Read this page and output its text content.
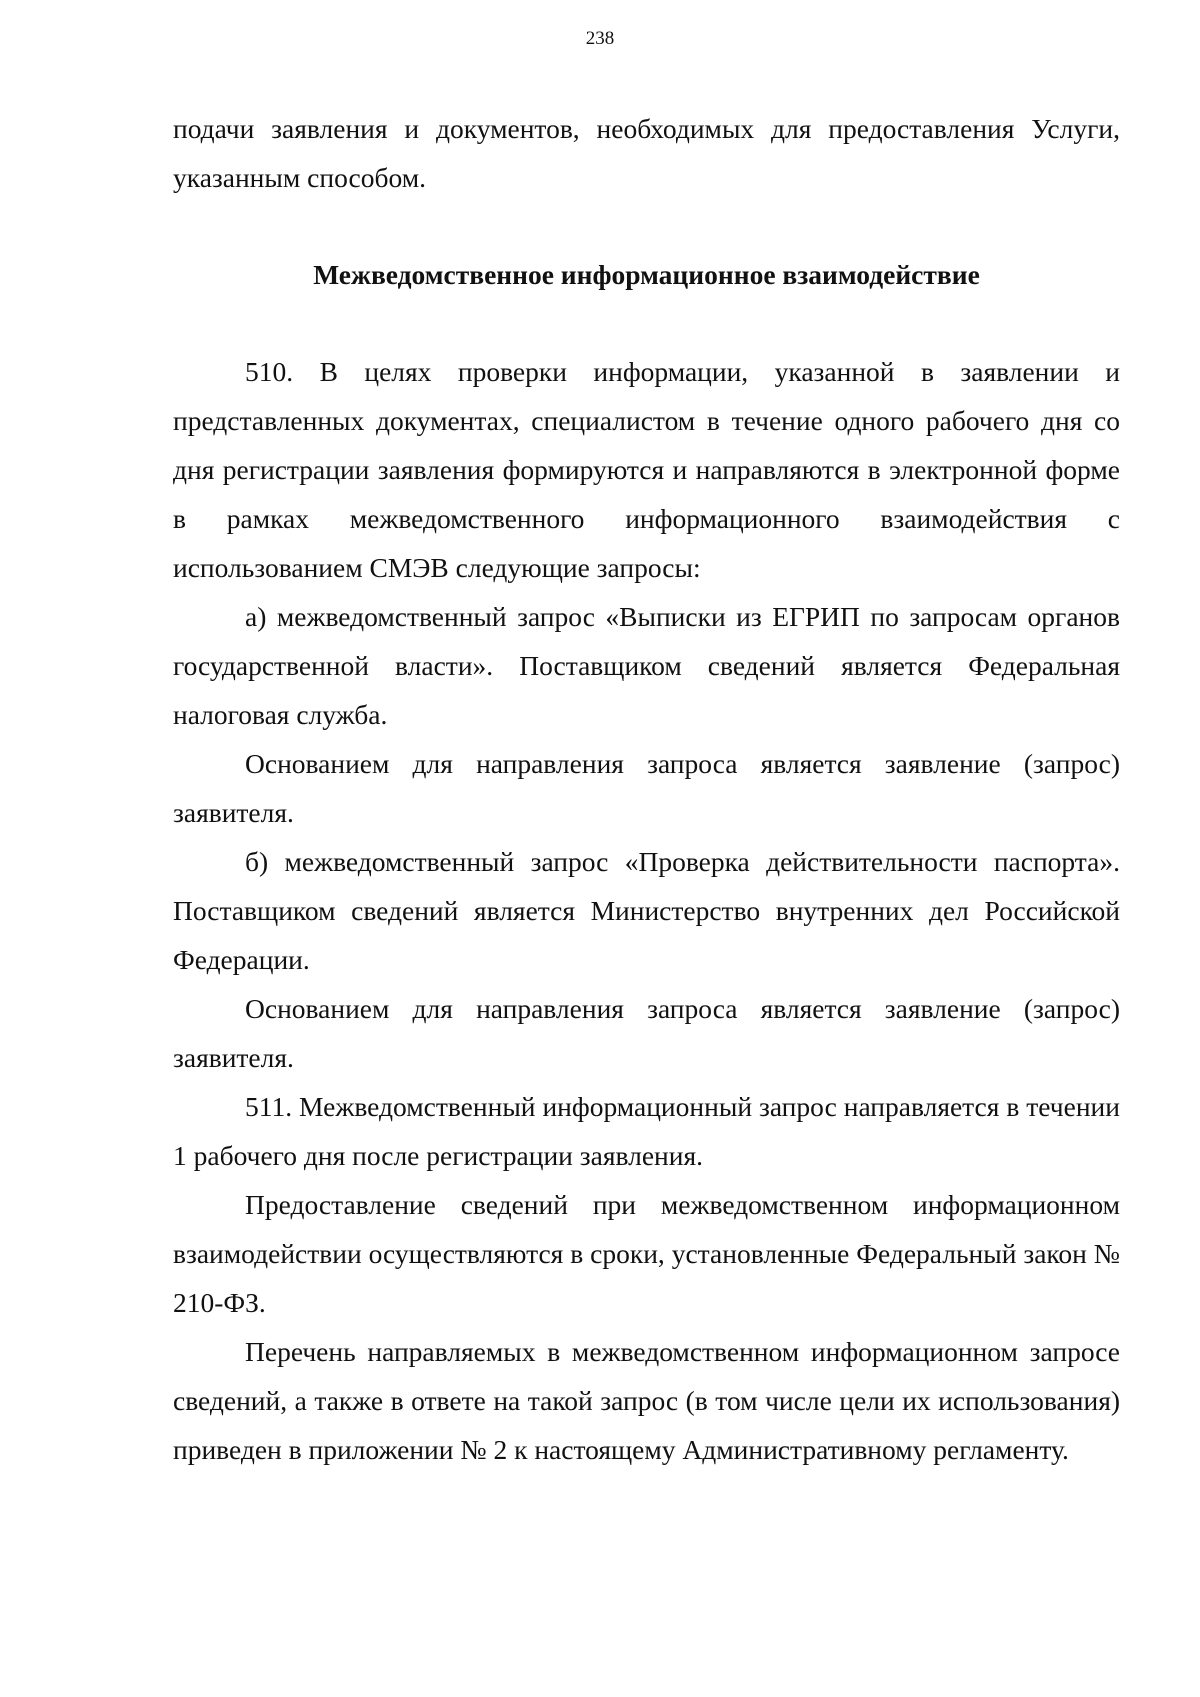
238

подачи заявления и документов, необходимых для предоставления Услуги, указанным способом.

Межведомственное информационное взаимодействие

510. В целях проверки информации, указанной в заявлении и представленных документах, специалистом в течение одного рабочего дня со дня регистрации заявления формируются и направляются в электронной форме в рамках межведомственного информационного взаимодействия с использованием СМЭВ следующие запросы:

а) межведомственный запрос «Выписки из ЕГРИП по запросам органов государственной власти». Поставщиком сведений является Федеральная налоговая служба.

Основанием для направления запроса является заявление (запрос) заявителя.

б) межведомственный запрос «Проверка действительности паспорта». Поставщиком сведений является Министерство внутренних дел Российской Федерации.

Основанием для направления запроса является заявление (запрос) заявителя.

511. Межведомственный информационный запрос направляется в течении 1 рабочего дня после регистрации заявления.

Предоставление сведений при межведомственном информационном взаимодействии осуществляются в сроки, установленные Федеральный закон № 210-ФЗ.

Перечень направляемых в межведомственном информационном запросе сведений, а также в ответе на такой запрос (в том числе цели их использования) приведен в приложении № 2 к настоящему Административному регламенту.
